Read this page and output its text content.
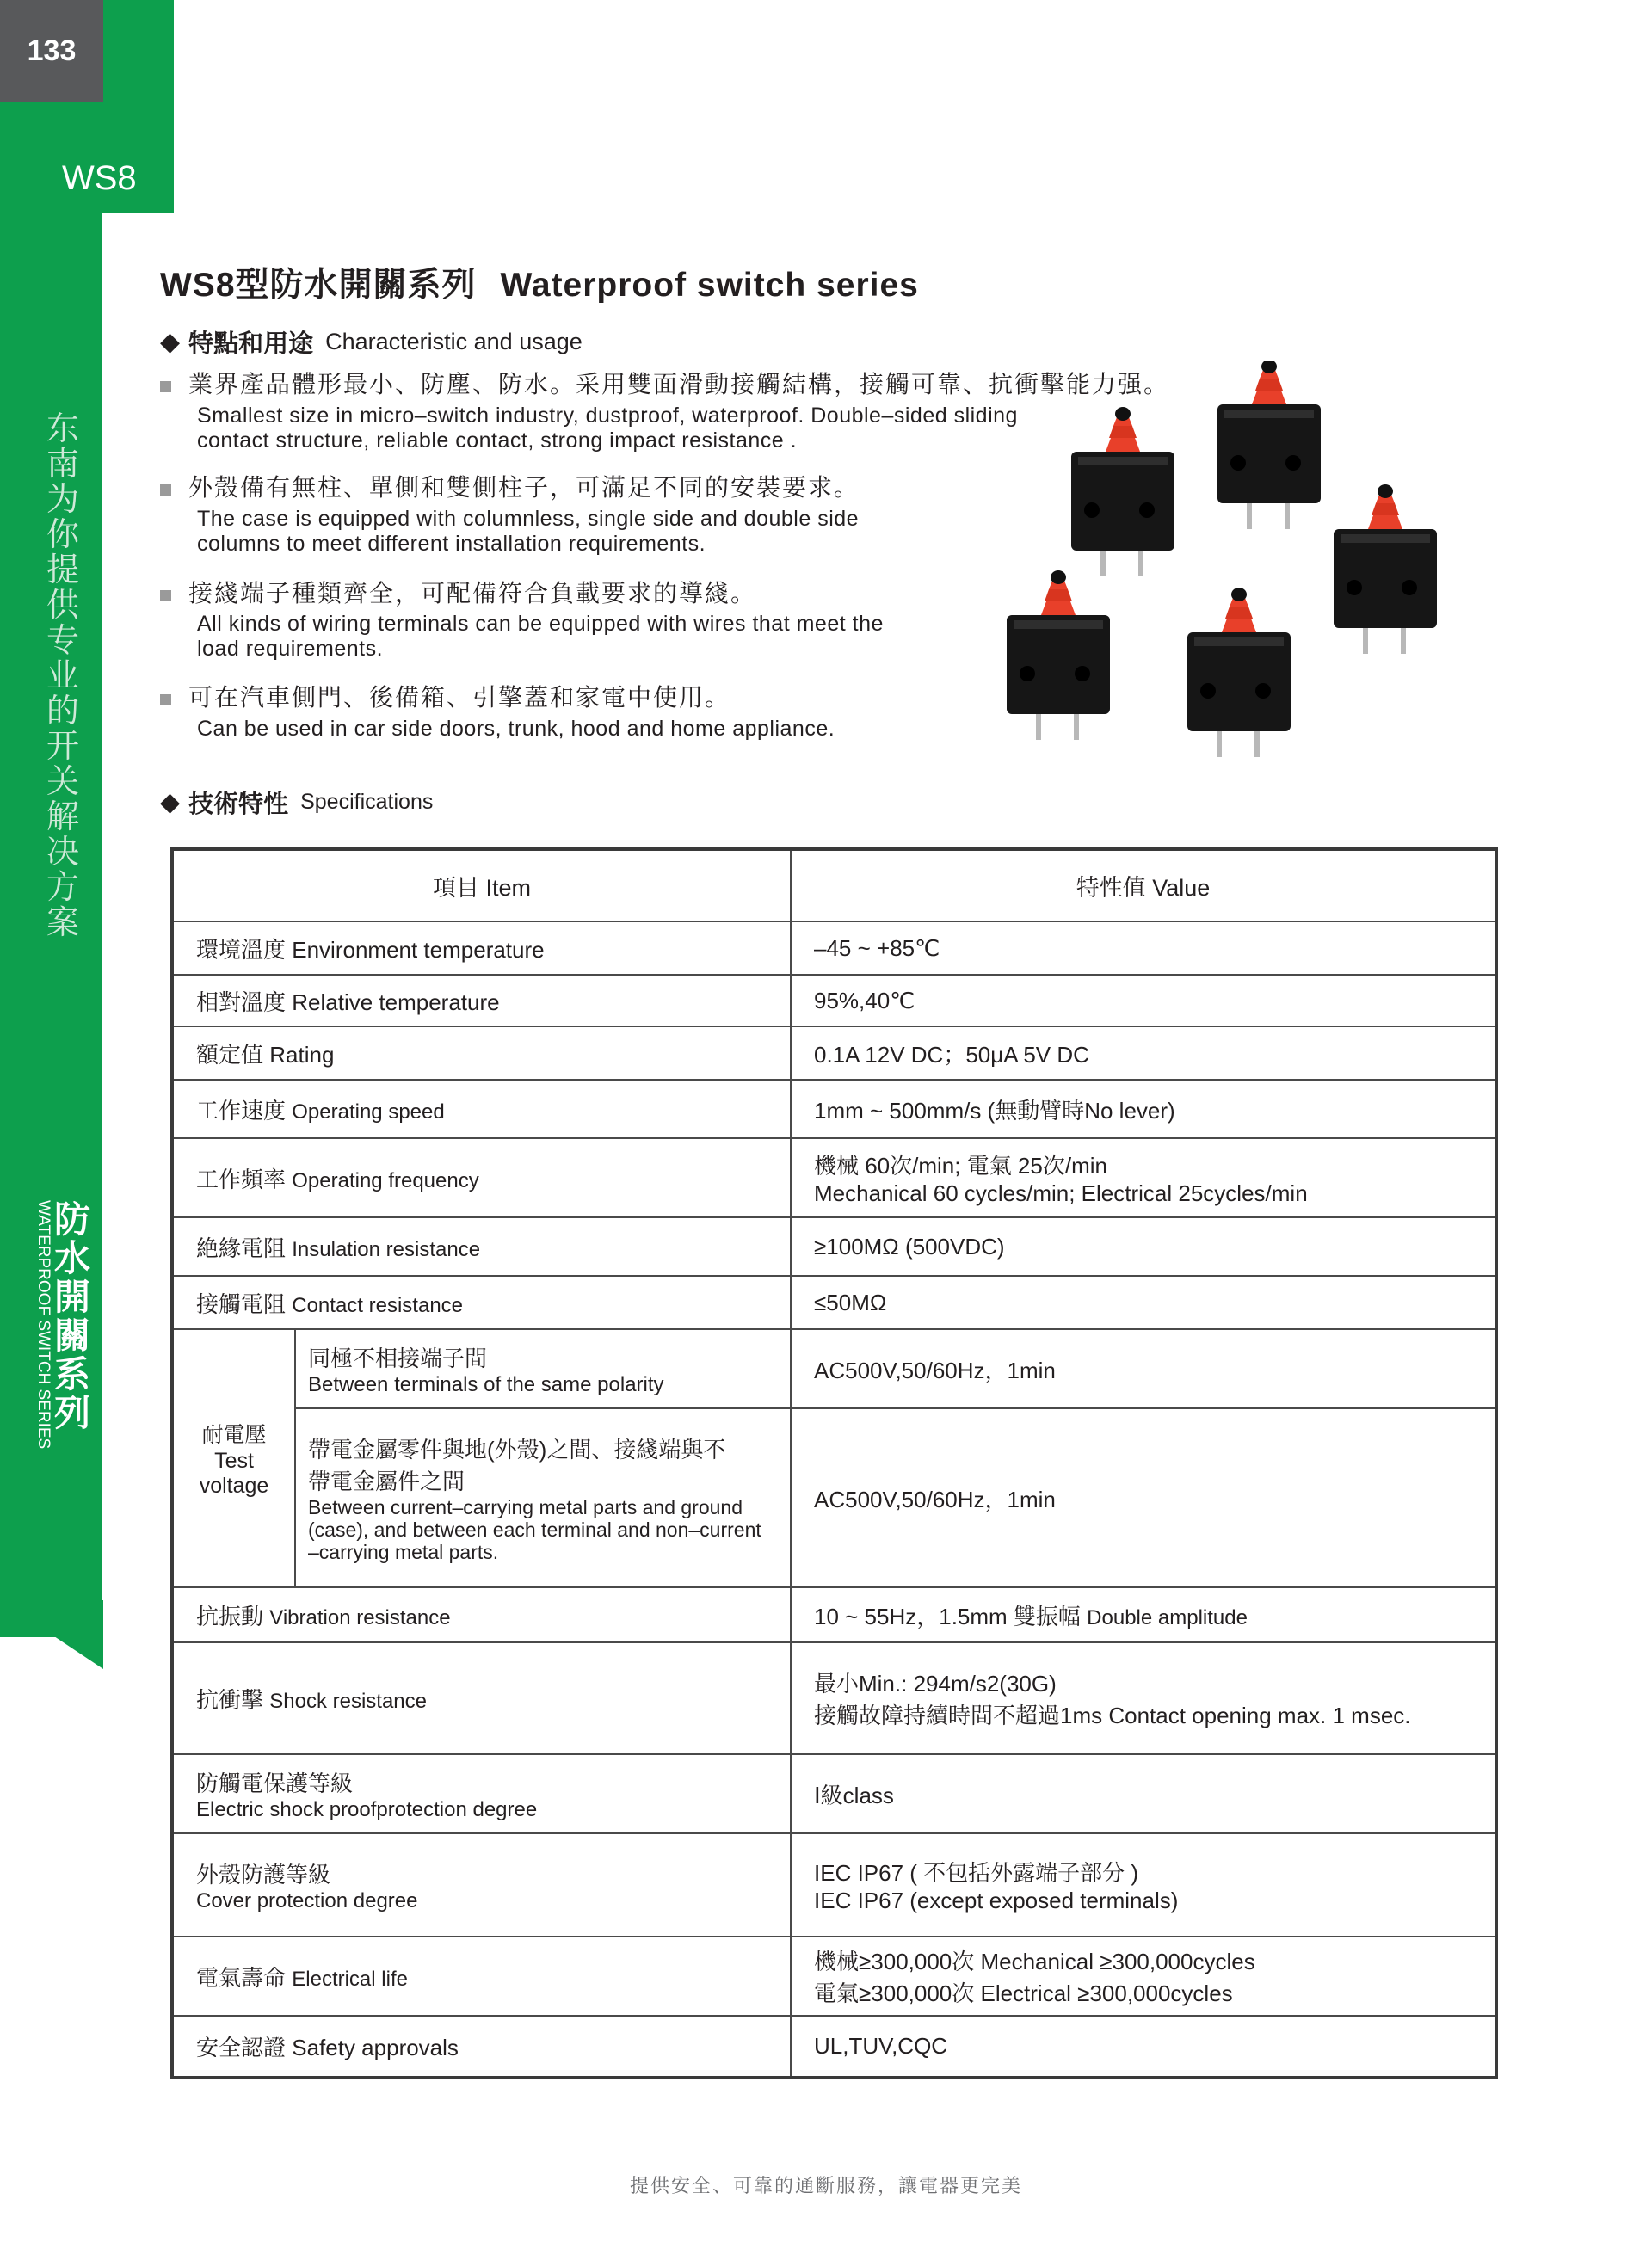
133
WS8
东南为你提供专业的开关解决方案
WATERPROOF SWITCH SERIES 防水開關系列
WS8型防水開關系列 Waterproof switch series
◆ 特點和用途 Characteristic and usage
業界產品體形最小、防塵、防水。采用雙面滑動接觸結構，接觸可靠、抗衝擊能力强。
Smallest size in micro–switch industry, dustproof, waterproof. Double–sided sliding
contact structure, reliable contact, strong impact resistance .
外殼備有無柱、單側和雙側柱子，可滿足不同的安裝要求。
The case is equipped with columnless, single side and double side
columns to meet different installation requirements.
接綫端子種類齊全，可配備符合負載要求的導綫。
All kinds of wiring terminals can be equipped with wires that meet the
load requirements.
可在汽車側門、後備箱、引擎蓋和家電中使用。
Can be used in car side doors, trunk, hood and home appliance.
◆ 技術特性 Specifications
項目 Item		特性值 Value
環境溫度 Environment temperature		–45 ~ +85℃
相對溫度 Relative temperature		95%,40℃
額定值 Rating		0.1A 12V DC；50μA 5V DC
工作速度 Operating speed		1mm ~ 500mm/s (無動臂時No lever)
工作頻率 Operating frequency		機械 60次/min; 電氣 25次/min
Mechanical 60 cycles/min; Electrical 25cycles/min

絶緣電阻 Insulation resistance		≥100MΩ (500VDC)
接觸電阻 Contact resistance		≤50MΩ

耐電壓
Test
voltage	同極不相接端子間
Between terminals of the same polarity	AC500V,50/60Hz，1min

	帶電金屬零件與地(外殼)之間、接綫端與不
帶電金屬件之間
Between current–carrying metal parts and ground
(case), and between each terminal and non–current
–carrying metal parts.	AC500V,50/60Hz，1min
抗振動 Vibration resistance		10 ~ 55Hz，1.5mm 雙振幅 Double amplitude
抗衝擊 Shock resistance		最小Min.: 294m/s2(30G)
接觸故障持續時間不超過1ms Contact opening max. 1 msec.

防觸電保護等級
Electric shock proofprotection degree		Ⅰ級class

外殼防護等級
Cover protection degree		IEC IP67 ( 不包括外露端子部分 )
IEC IP67 (except exposed terminals)

電氣壽命 Electrical life		機械≥300,000次 Mechanical ≥300,000cycles
電氣≥300,000次 Electrical ≥300,000cycles

安全認證 Safety approvals		UL,TUV,CQC
提供安全、可靠的通斷服務，讓電器更完美
